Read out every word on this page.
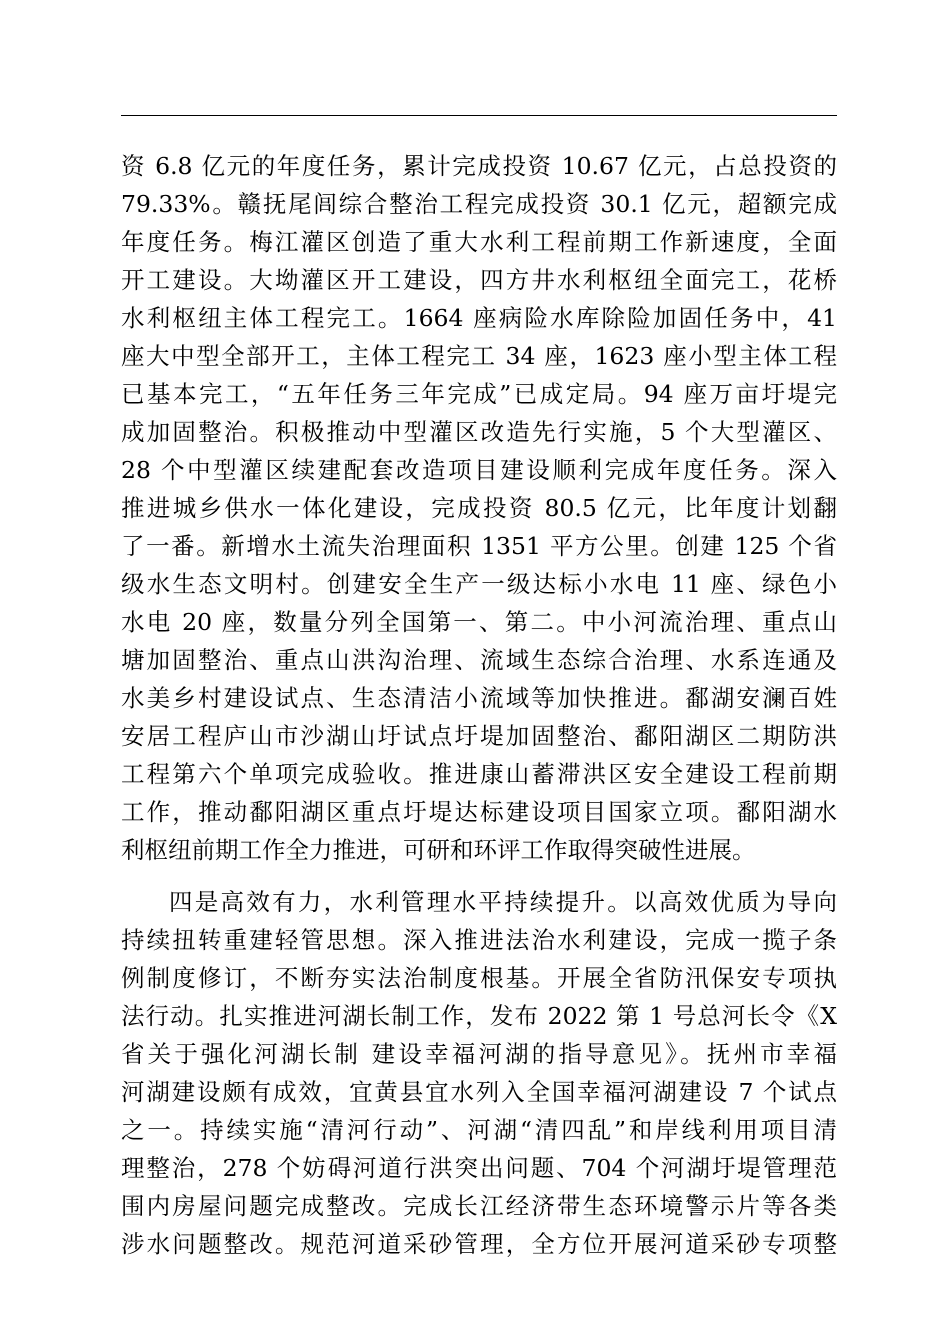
资 6.8 亿元的年度任务，累计完成投资 10.67 亿元，占总投资的
79.33%。赣抚尾闾综合整治工程完成投资 30.1 亿元，超额完成
年度任务。梅江灌区创造了重大水利工程前期工作新速度，全面
开工建设。大坳灌区开工建设，四方井水利枢纽全面完工，花桥
水利枢纽主体工程完工。1664 座病险水库除险加固任务中，41
座大中型全部开工，主体工程完工 34 座，1623 座小型主体工程
已基本完工，“五年任务三年完成”已成定局。94 座万亩圩堤完
成加固整治。积极推动中型灌区改造先行实施，5 个大型灌区、
28 个中型灌区续建配套改造项目建设顺利完成年度任务。深入
推进城乡供水一体化建设，完成投资 80.5 亿元，比年度计划翻
了一番。新增水土流失治理面积 1351 平方公里。创建 125 个省
级水生态文明村。创建安全生产一级达标小水电 11 座、绿色小
水电 20 座，数量分列全国第一、第二。中小河流治理、重点山
塘加固整治、重点山洪沟治理、流域生态综合治理、水系连通及
水美乡村建设试点、生态清洁小流域等加快推进。鄱湖安澜百姓
安居工程庐山市沙湖山圩试点圩堤加固整治、鄱阳湖区二期防洪
工程第六个单项完成验收。推进康山蓄滞洪区安全建设工程前期
工作，推动鄱阳湖区重点圩堤达标建设项目国家立项。鄱阳湖水
利枢纽前期工作全力推进，可研和环评工作取得突破性进展。
四是高效有力，水利管理水平持续提升。以高效优质为导向
持续扭转重建轻管思想。深入推进法治水利建设，完成一揽子条
例制度修订，不断夯实法治制度根基。开展全省防汛保安专项执
法行动。扎实推进河湖长制工作，发布 2022 第 1 号总河长令《X
省关于强化河湖长制 建设幸福河湖的指导意见》。抚州市幸福
河湖建设颇有成效，宜黄县宜水列入全国幸福河湖建设 7 个试点
之一。持续实施“清河行动”、河湖“清四乱”和岸线利用项目清
理整治，278 个妨碍河道行洪突出问题、704 个河湖圩堤管理范
围内房屋问题完成整改。完成长江经济带生态环境警示片等各类
涉水问题整改。规范河道采砂管理，全方位开展河道采砂专项整
